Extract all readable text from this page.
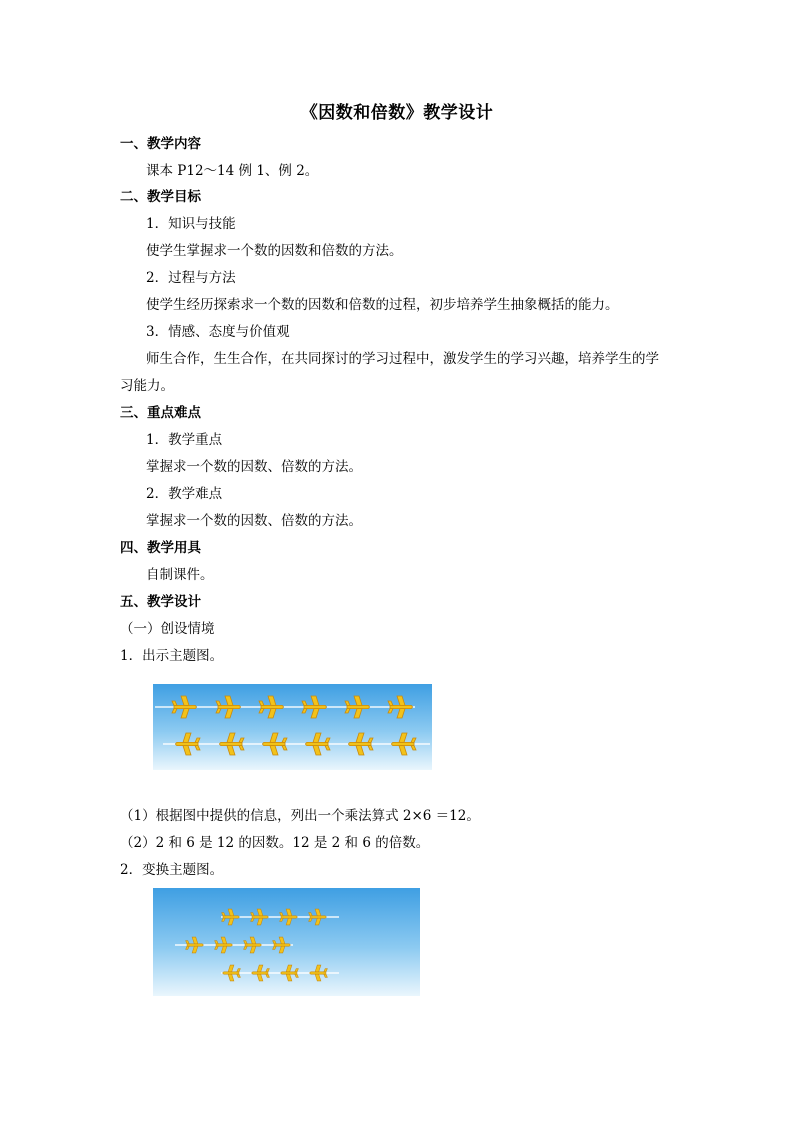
《因数和倍数》教学设计
一、教学内容
课本 P12～14 例 1、例 2。
二、教学目标
1．知识与技能
使学生掌握求一个数的因数和倍数的方法。
2．过程与方法
使学生经历探索求一个数的因数和倍数的过程，初步培养学生抽象概括的能力。
3．情感、态度与价值观
师生合作，生生合作，在共同探讨的学习过程中，激发学生的学习兴趣，培养学生的学
习能力。
三、重点难点
1．教学重点
掌握求一个数的因数、倍数的方法。
2．教学难点
掌握求一个数的因数、倍数的方法。
四、教学用具
自制课件。
五、教学设计
（一）创设情境
1．出示主题图。
（1）根据图中提供的信息，列出一个乘法算式 2×6 ＝12。
（2）2 和 6 是 12 的因数。12 是 2 和 6 的倍数。
2．变换主题图。
